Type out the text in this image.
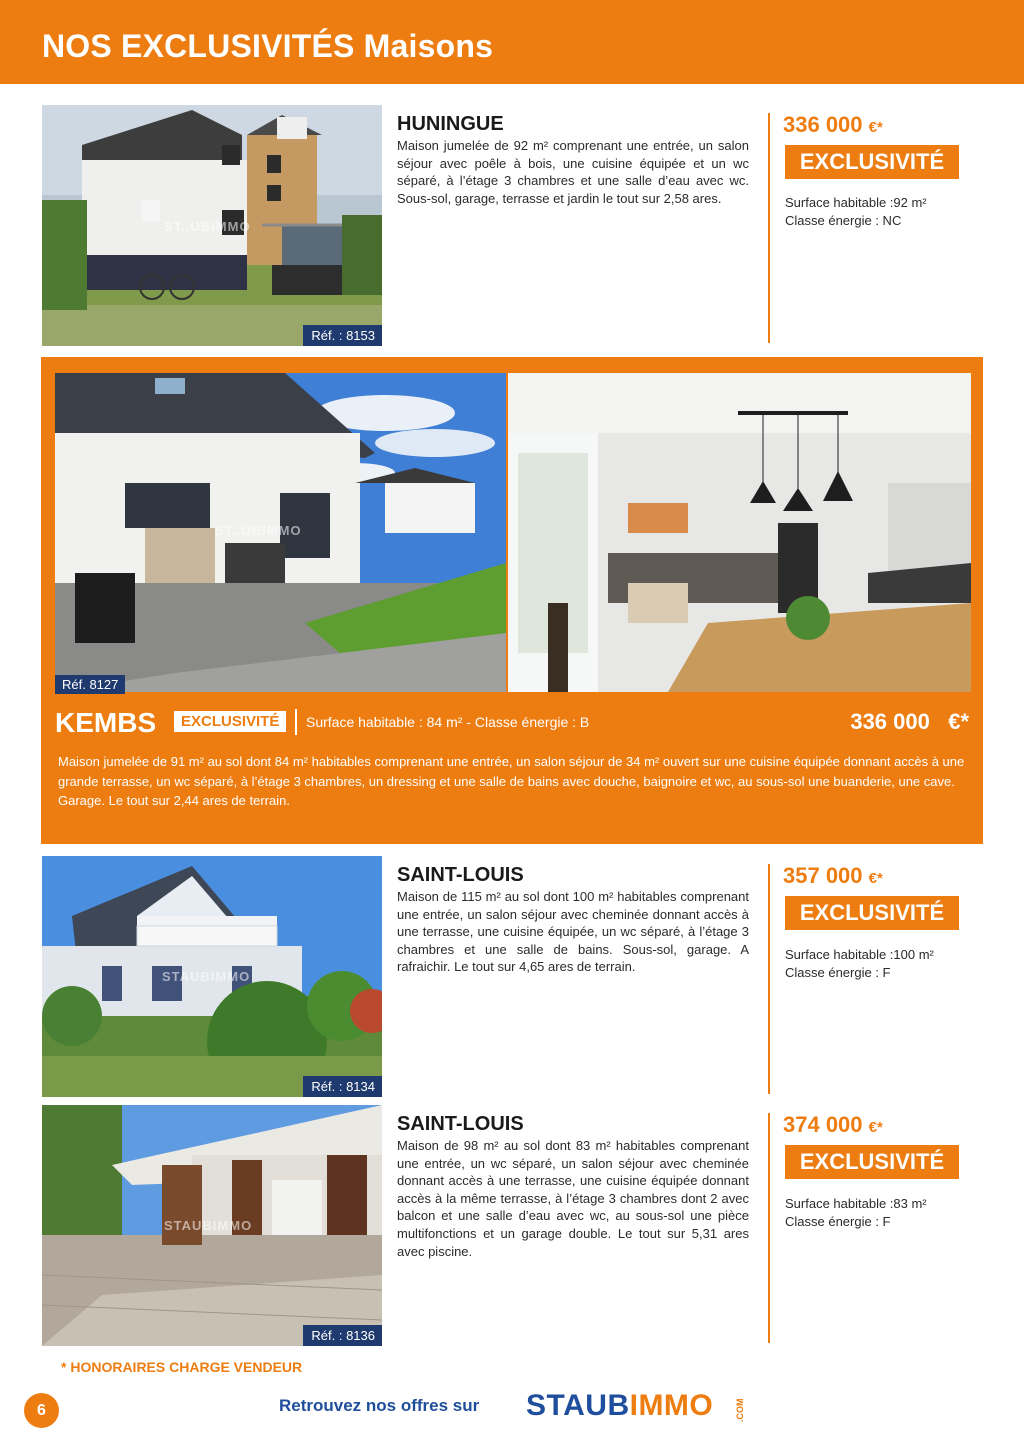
NOS EXCLUSIVITÉS Maisons
ST..UBIMMO
Réf. : 8153
HUNINGUE
Maison jumelée de 92 m² comprenant une entrée, un salon séjour avec poêle à bois, une cuisine équipée et un wc séparé, à l’étage 3 chambres et une salle d’eau avec wc. Sous-sol, garage, terrasse et jardin le tout sur 2,58 ares.
336 000 €*
EXCLUSIVITÉ
Surface habitable :92 m²
Classe énergie : NC
ST..UBIMMO
Réf. 8127
KEMBS	EXCLUSIVITÉ	Surface habitable : 84 m² - Classe énergie : B	336 000 €*
Maison jumelée de 91 m² au sol dont 84 m² habitables comprenant une entrée, un salon séjour de 34 m² ouvert sur une cuisine équipée donnant accès à une grande terrasse, un wc séparé, à l’étage 3 chambres, un dressing et une salle de bains avec douche, baignoire et wc, au sous-sol une buanderie, une cave. Garage. Le tout sur 2,44 ares de terrain.
STAUBIMMO
Réf. : 8134
SAINT-LOUIS
Maison de 115 m² au sol dont 100 m² habitables comprenant une entrée, un salon séjour avec cheminée donnant accès à une terrasse, une cuisine équipée, un wc séparé, à l’étage 3 chambres et une salle de bains. Sous-sol, garage. A rafraichir. Le tout sur 4,65 ares de terrain.
357 000 €*
EXCLUSIVITÉ
Surface habitable :100 m²
Classe énergie : F
STAUBIMMO
Réf. : 8136
SAINT-LOUIS
Maison de 98 m² au sol dont 83 m² habitables comprenant une entrée, un wc séparé, un salon séjour avec cheminée donnant accès à une terrasse, une cuisine équipée donnant accès à la même terrasse, à l’étage 3 chambres dont 2 avec balcon et une salle d’eau avec wc, au sous-sol une pièce multifonctions et un garage double. Le tout sur 5,31 ares avec piscine.
374 000 €*
EXCLUSIVITÉ
Surface habitable :83 m²
Classe énergie : F
* HONORAIRES CHARGE VENDEUR
6	Retrouvez nos offres sur STAUBIMMO .COM
